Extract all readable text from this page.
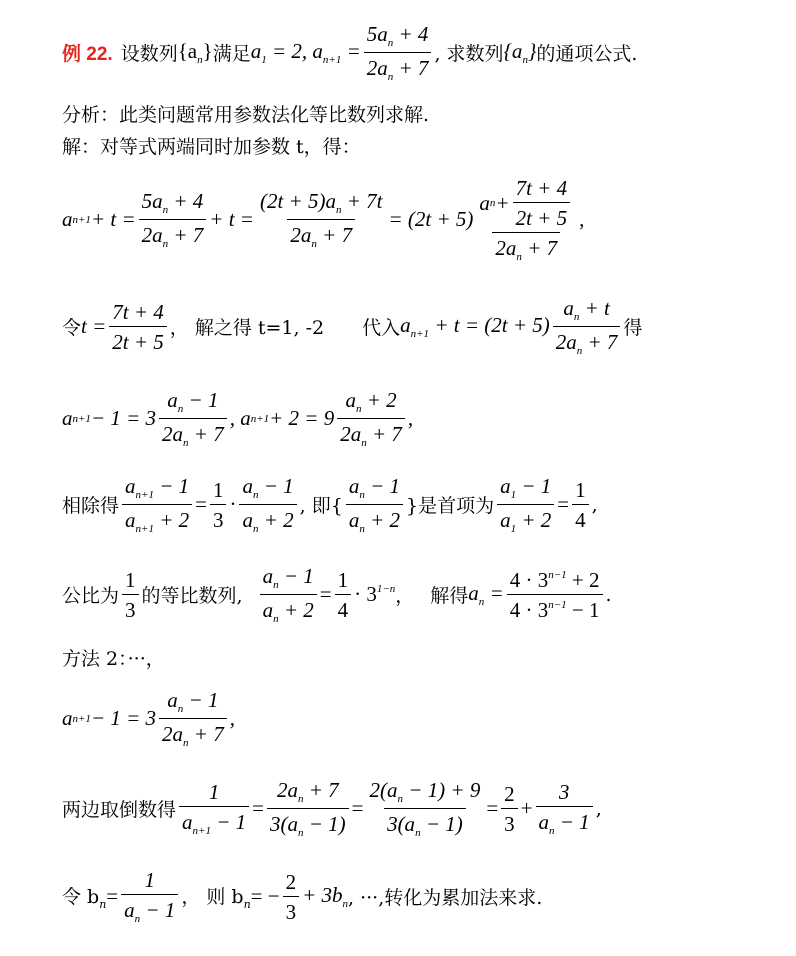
例 22. 设数列 $\{a_n\}$ 满足 $a_1 = 2$, $a_{n+1} = \frac{5a_n + 4}{2a_n + 7}$ , 求数列 $\{a_n\}$ 的通项公式.
分析：此类问题常用参数法化等比数列求解.
解：对等式两端同时加参数 t，得：
a $n+1 + t = \frac{5a_n + 4}{2a_n + 7} + t = \frac{(2t + 5)a_n + 7t}{2a_n + 7} = (2t + 5) \frac{a n + \frac{7t + 4}{2t + 5}}{2a_n + 7}$ ,
令 $t = \frac{7t + 4}{2t + 5}$ ， 解之得 t=1, -2 代入 $a_{n+1} + t = (2t + 5) \frac{a_n + t}{2a_n + 7}$ 得
a $n+1 - 1 = 3 \frac{a_n - 1}{2a_n + 7}$ , a $n+1 + 2 = 9 \frac{a_n + 2}{2a_n + 7}$ ,
相除得 $\frac{a_{n+1} - 1}{a_{n+1} + 2} = \frac{1}{3} \cdot \frac{a_n - 1}{a_n + 2}$ , 即{ $\frac{a_n - 1}{a_n + 2}$ }是首项为 $\frac{a_1 - 1}{a_1 + 2} = \frac{1}{4}$ ,
公比为 $\frac{1}{3}$ 的等比数列, $\frac{a_n - 1}{a_n + 2} = \frac{1}{4} \cdot 3^{1-n}$ ， 解得 $a_n = \frac{4 \cdot 3^{n-1} + 2}{4 \cdot 3^{n-1} - 1}$ .
方法 2：···，
a $n+1 - 1 = 3 \frac{a_n - 1}{2a_n + 7}$ ,
两边取倒数得 $\frac{1}{a_{n+1} - 1} = \frac{2a_n + 7}{3(a_n - 1)} = \frac{2(a_n - 1) + 9}{3(a_n - 1)} = \frac{2}{3} + \frac{3}{a_n - 1}$ ,
令 $b_n = \frac{1}{a_n - 1}$ ， 则 $b_n$ = − $\frac{2}{3} + 3b_n$ , ···,转化为累加法来求.
